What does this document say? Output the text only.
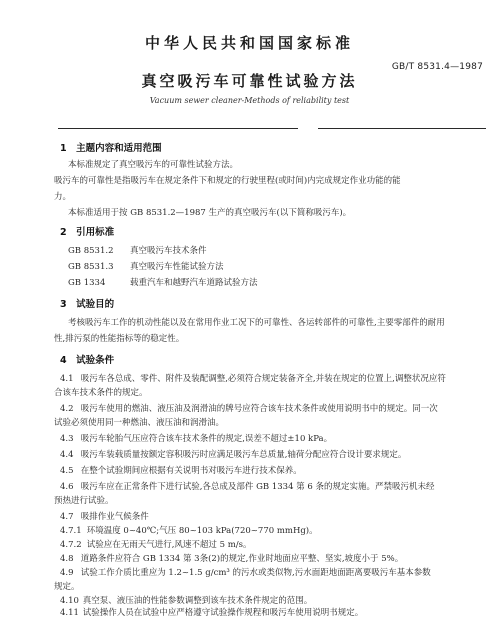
中华人民共和国国家标准
GB/T 8531.4—1987
真空吸污车可靠性试验方法
Vacuum sewer cleaner-Methods of reliability test
1　主题内容和适用范围
本标准规定了真空吸污车的可靠性试验方法。
吸污车的可靠性是指吸污车在规定条件下和规定的行驶里程(或时间)内完成规定作业功能的能
力。
本标准适用于按 GB 8531.2—1987 生产的真空吸污车(以下简称吸污车)。
2　引用标准
GB 8531.2 真空吸污车技术条件
GB 8531.3 真空吸污车性能试验方法
GB 1334	载重汽车和越野汽车道路试验方法
3　试验目的
考核吸污车工作的机动性能以及在常用作业工况下的可靠性、各运转部件的可靠性,主要零部件的耐用
性,排污泵的性能指标等的稳定性。
4　试验条件
4.1 吸污车各总成、零件、附件及装配调整,必须符合规定装备齐全,并装在规定的位置上,调整状况应符
合该车技术条件的规定。
4.2 吸污车使用的燃油、液压油及润滑油的牌号应符合该车技术条件或使用说明书中的规定。同一次
试验必须使用同一种燃油、液压油和润滑油。
4.3 吸污车轮胎气压应符合该车技术条件的规定,误差不超过±10 kPa。
4.4 吸污车装载质量按额定容积吸污时应满足吸污车总质量,轴荷分配应符合设计要求规定。
4.5 在整个试验期间应根据有关说明书对吸污车进行技术保养。
4.6 吸污车应在正常条件下进行试验,各总成及部件 GB 1334 第 6 条的规定实施。严禁吸污机未经
预热进行试验。
4.7 吸排作业气候条件
4.7.1 环境温度 0~40℃;气压 80~103 kPa(720~770 mmHg)。
4.7.2 试验应在无雨天气进行,风速不超过 5 m/s。
4.8 道路条件应符合 GB 1334 第 3条(2)的规定,作业时地面应平整、坚实,坡度小于 5%。
4.9 试验工作介质比重应为 1.2~1.5 g/cm³ 的污水或类似物,污水面距地面距离要吸污车基本参数
规定。
4.10 真空泵、液压油的性能参数调整到该车技术条件规定的范围。
4.11 试验操作人员在试验中应严格遵守试验操作规程和吸污车使用说明书规定。
